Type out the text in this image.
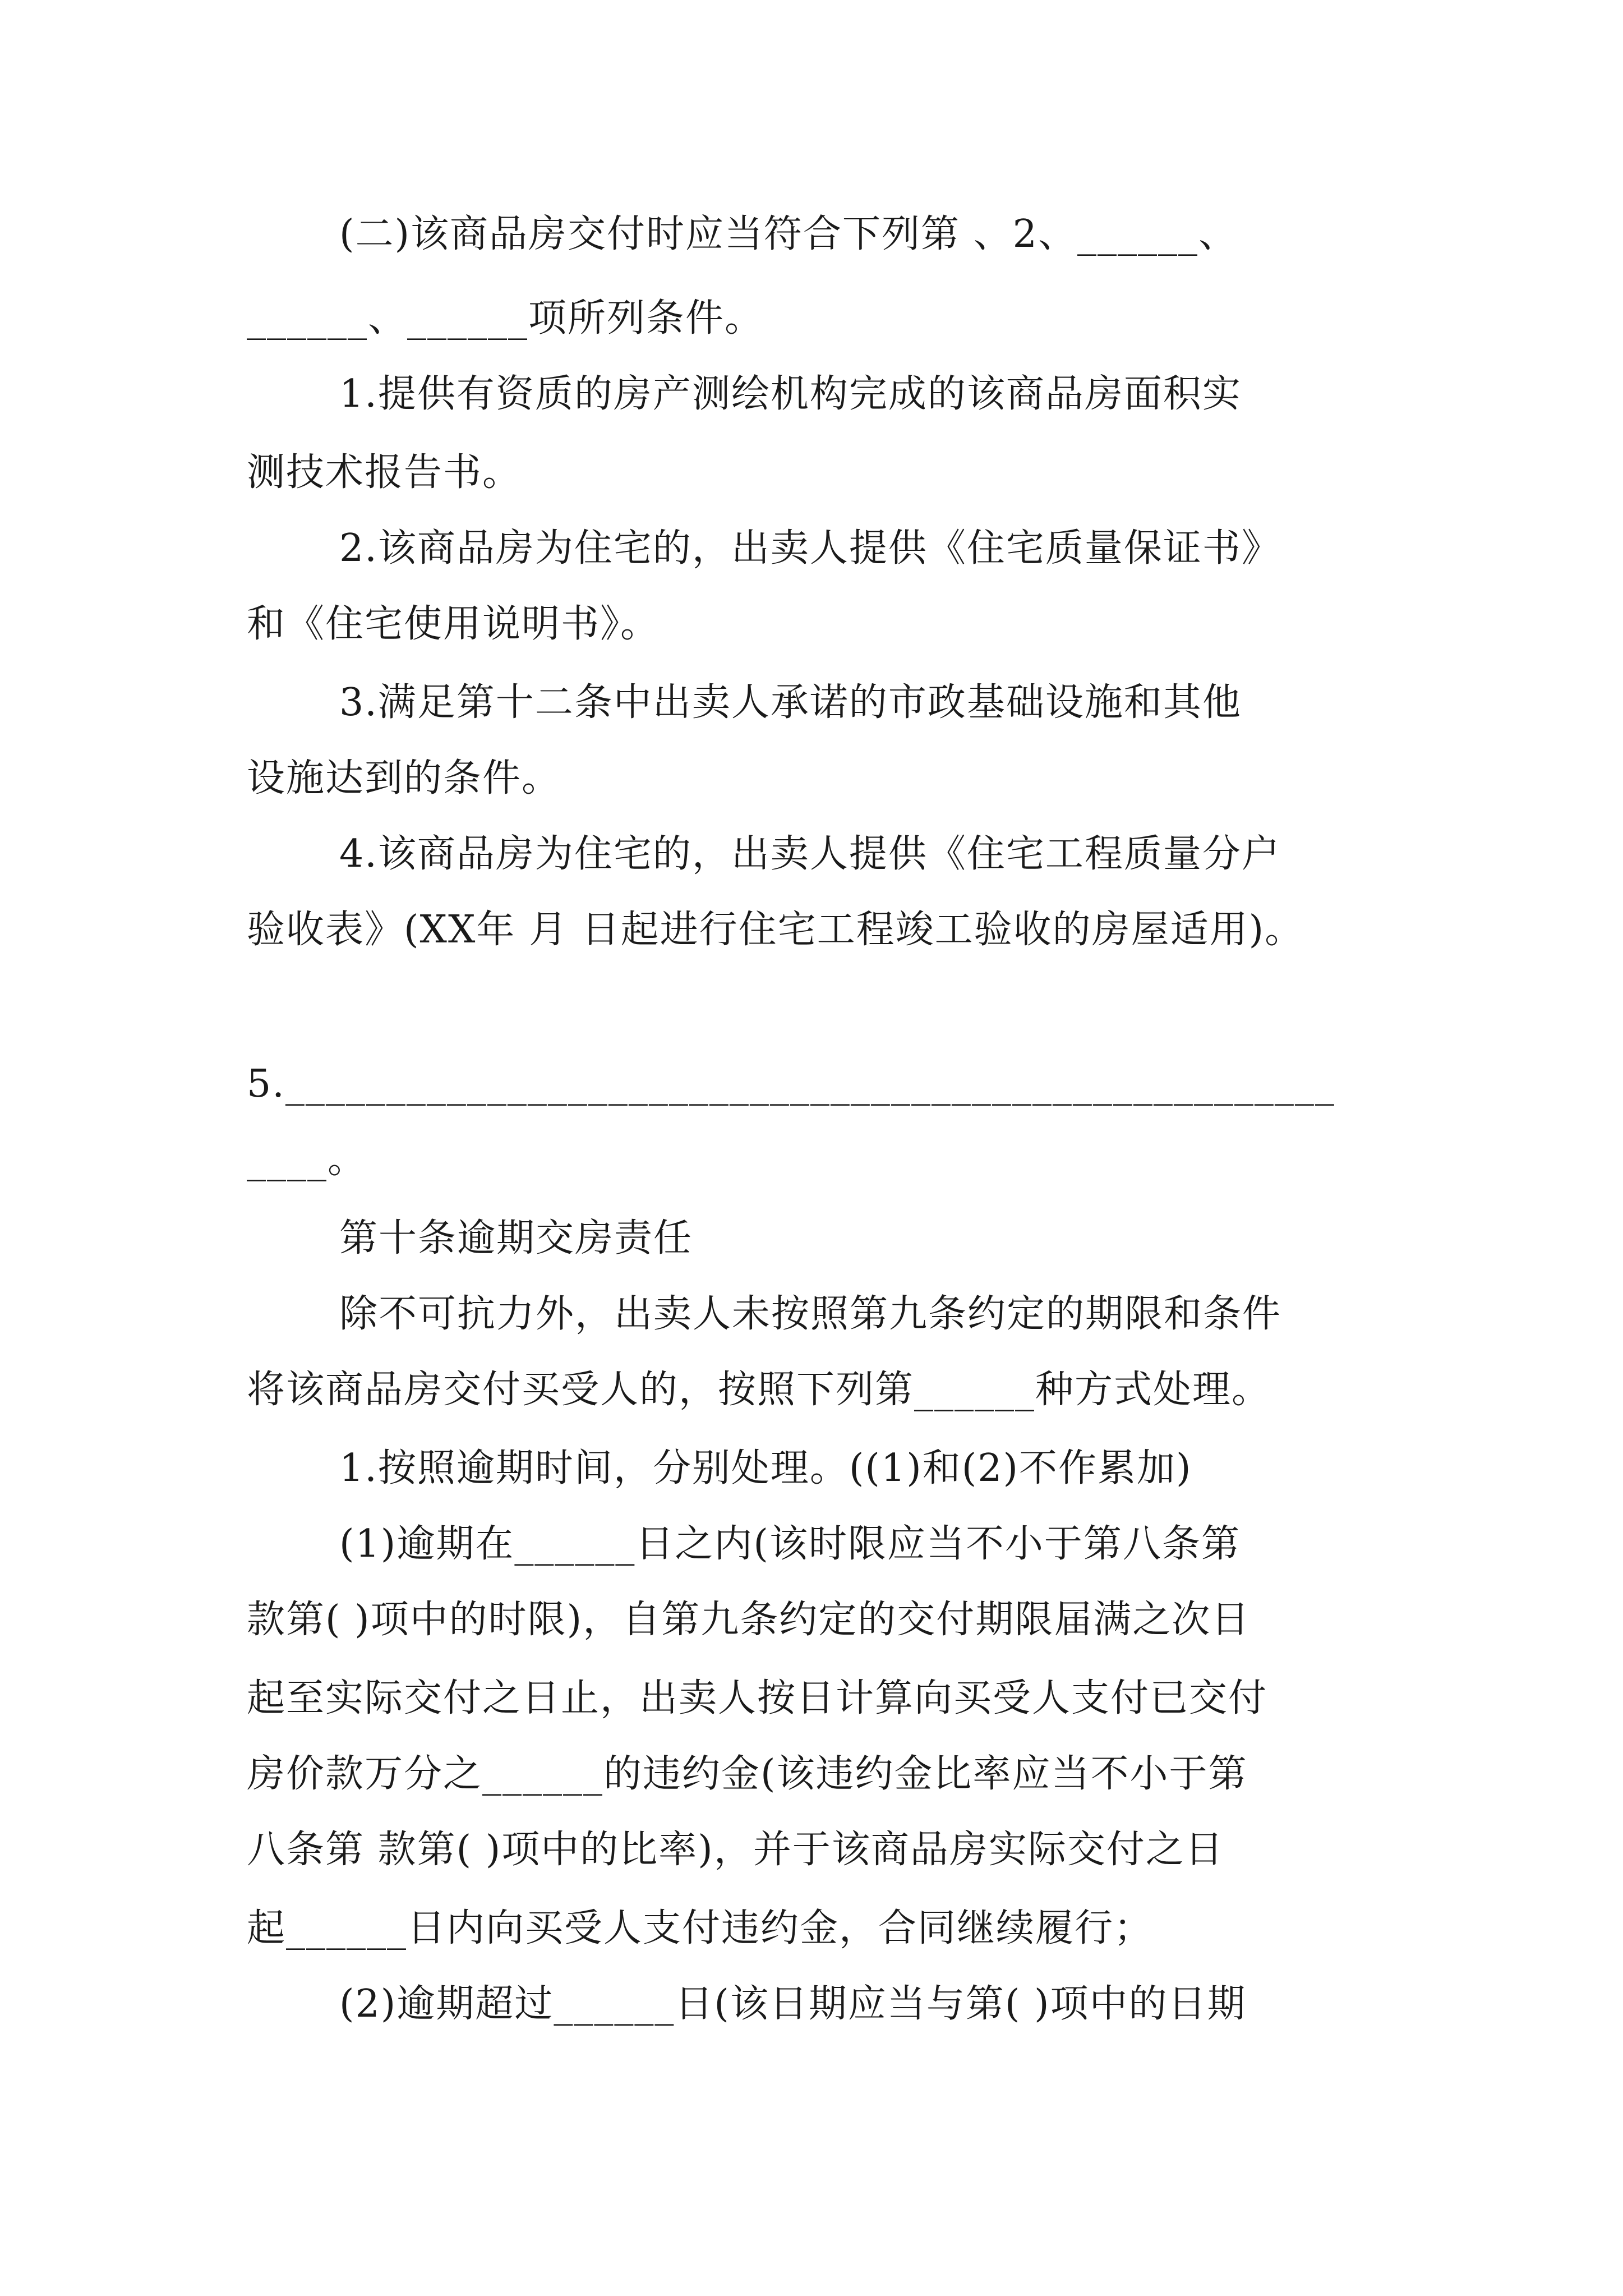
(二)该商品房交付时应当符合下列第 、2、______、
______、______项所列条件。
1.提供有资质的房产测绘机构完成的该商品房面积实
测技术报告书。
2.该商品房为住宅的，出卖人提供《住宅质量保证书》
和《住宅使用说明书》。
3.满足第十二条中出卖人承诺的市政基础设施和其他
设施达到的条件。
4.该商品房为住宅的，出卖人提供《住宅工程质量分户
验收表》(XX年 月 日起进行住宅工程竣工验收的房屋适用)。
5.____________________________________________________
____。
第十条逾期交房责任
除不可抗力外，出卖人未按照第九条约定的期限和条件
将该商品房交付买受人的，按照下列第______种方式处理。
1.按照逾期时间，分别处理。((1)和(2)不作累加)
(1)逾期在______日之内(该时限应当不小于第八条第
款第( )项中的时限)，自第九条约定的交付期限届满之次日
起至实际交付之日止，出卖人按日计算向买受人支付已交付
房价款万分之______的违约金(该违约金比率应当不小于第
八条第 款第( )项中的比率)，并于该商品房实际交付之日
起______日内向买受人支付违约金，合同继续履行；
(2)逾期超过______日(该日期应当与第( )项中的日期
